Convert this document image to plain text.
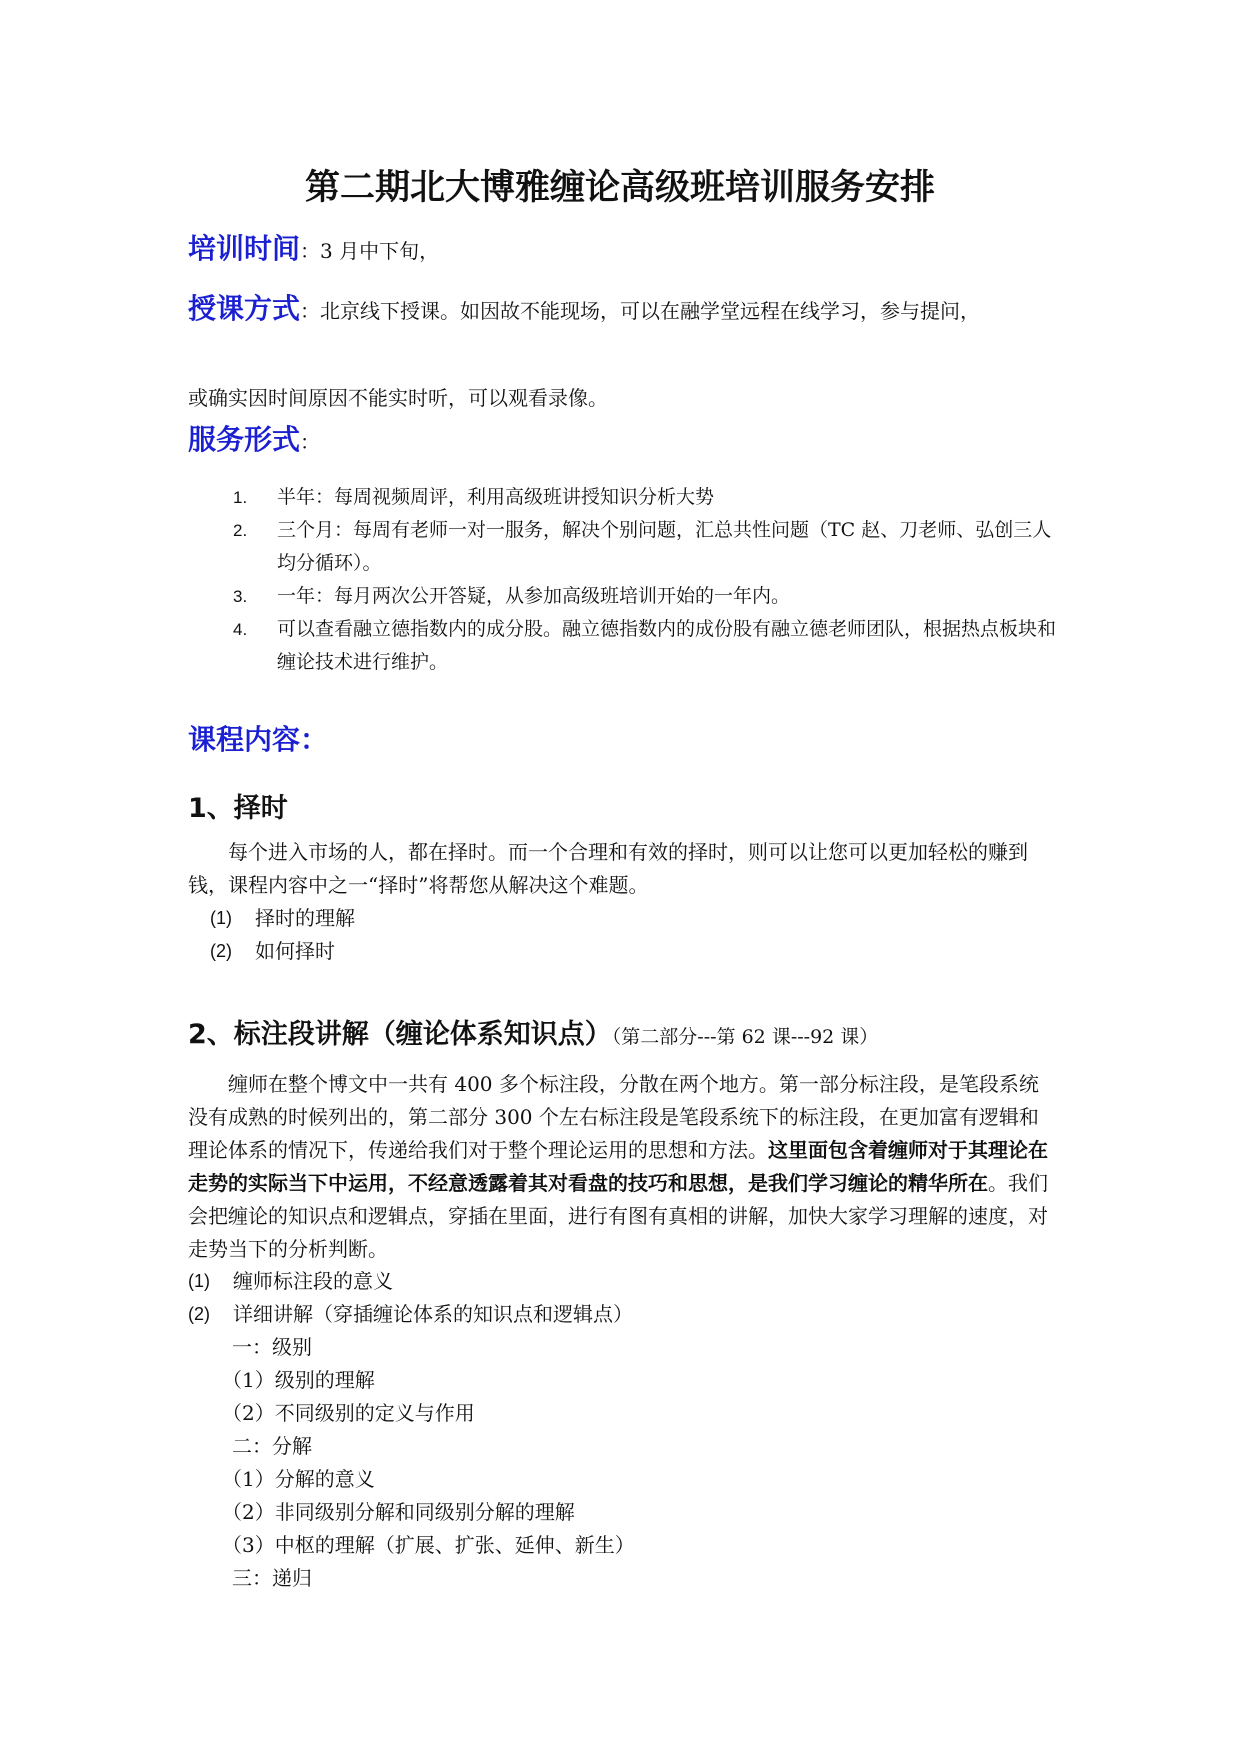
第二期北大博雅缠论高级班培训服务安排
培训时间：3 月中下旬，
授课方式：北京线下授课。如因故不能现场，可以在融学堂远程在线学习，参与提问，
或确实因时间原因不能实时听，可以观看录像。
服务形式：
1. 半年：每周视频周评，利用高级班讲授知识分析大势
2. 三个月：每周有老师一对一服务，解决个别问题，汇总共性问题（TC 赵、刀老师、弘创三人均分循环）。
3. 一年：每月两次公开答疑，从参加高级班培训开始的一年内。
4. 可以查看融立德指数内的成分股。融立德指数内的成份股有融立德老师团队，根据热点板块和缠论技术进行维护。
课程内容：
1、择时
每个进入市场的人，都在择时。而一个合理和有效的择时，则可以让您可以更加轻松的赚到钱，课程内容中之一“择时”将帮您从解决这个难题。
(1) 择时的理解
(2) 如何择时
2、标注段讲解（缠论体系知识点）（第二部分---第 62 课---92 课）
缠师在整个博文中一共有 400 多个标注段，分散在两个地方。第一部分标注段，是笔段系统没有成熟的时候列出的，第二部分 300 个左右标注段是笔段系统下的标注段，在更加富有逻辑和理论体系的情况下，传递给我们对于整个理论运用的思想和方法。这里面包含着缠师对于其理论在走势的实际当下中运用，不经意透露着其对看盘的技巧和思想，是我们学习缠论的精华所在。我们会把缠论的知识点和逻辑点，穿插在里面，进行有图有真相的讲解，加快大家学习理解的速度，对走势当下的分析判断。
(1) 缠师标注段的意义
(2) 详细讲解（穿插缠论体系的知识点和逻辑点）
一：级别
（1）级别的理解
（2）不同级别的定义与作用
二：分解
（1）分解的意义
（2）非同级别分解和同级别分解的理解
（3）中枢的理解（扩展、扩张、延伸、新生）
三：递归
